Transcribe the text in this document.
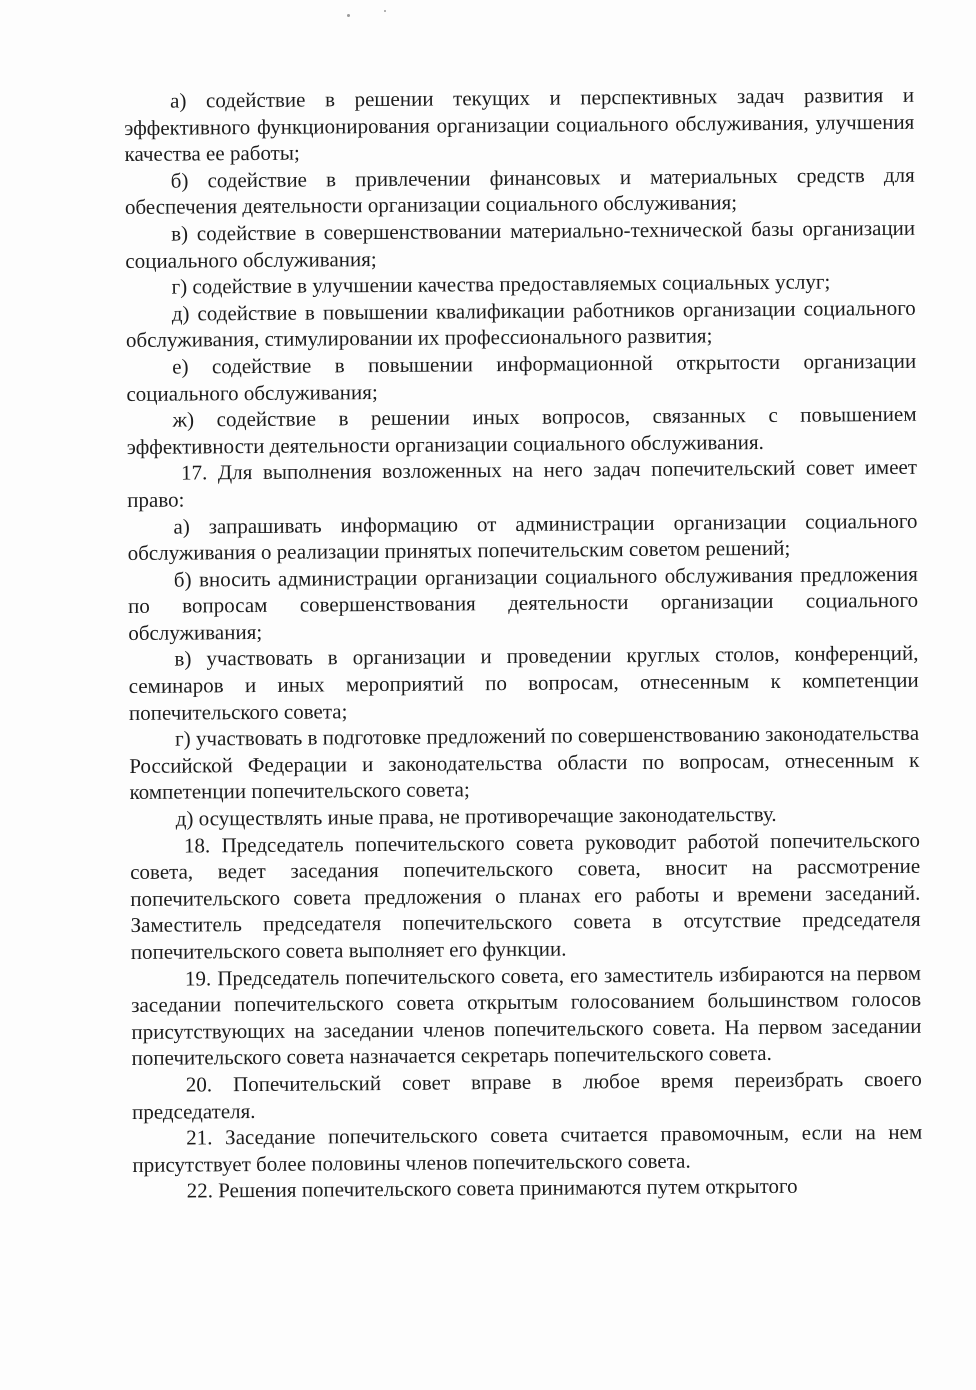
а) содействие в решении текущих и перспективных задач развития и эффективного функционирования организации социального обслуживания, улучшения качества ее работы;

б) содействие в привлечении финансовых и материальных средств для обеспечения деятельности организации социального обслуживания;

в) содействие в совершенствовании материально-технической базы организации социального обслуживания;

г) содействие в улучшении качества предоставляемых социальных услуг;

д) содействие в повышении квалификации работников организации социального обслуживания, стимулировании их профессионального развития;

е) содействие в повышении информационной открытости организации социального обслуживания;

ж) содействие в решении иных вопросов, связанных с повышением эффективности деятельности организации социального обслуживания.

17. Для выполнения возложенных на него задач попечительский совет имеет право:

а) запрашивать информацию от администрации организации социального обслуживания о реализации принятых попечительским советом решений;

б) вносить администрации организации социального обслуживания предложения по вопросам совершенствования деятельности организации социального обслуживания;

в) участвовать в организации и проведении круглых столов, конференций, семинаров и иных мероприятий по вопросам, отнесенным к компетенции попечительского совета;

г) участвовать в подготовке предложений по совершенствованию законодательства Российской Федерации и законодательства области по вопросам, отнесенным к компетенции попечительского совета;

д) осуществлять иные права, не противоречащие законодательству.

18. Председатель попечительского совета руководит работой попечительского совета, ведет заседания попечительского совета, вносит на рассмотрение попечительского совета предложения о планах его работы и времени заседаний. Заместитель председателя попечительского совета в отсутствие председателя попечительского совета выполняет его функции.

19. Председатель попечительского совета, его заместитель избираются на первом заседании попечительского совета открытым голосованием большинством голосов присутствующих на заседании членов попечительского совета. На первом заседании попечительского совета назначается секретарь попечительского совета.

20. Попечительский совет вправе в любое время переизбрать своего председателя.

21. Заседание попечительского совета считается правомочным, если на нем присутствует более половины членов попечительского совета.

22. Решения попечительского совета принимаются путем открытого
